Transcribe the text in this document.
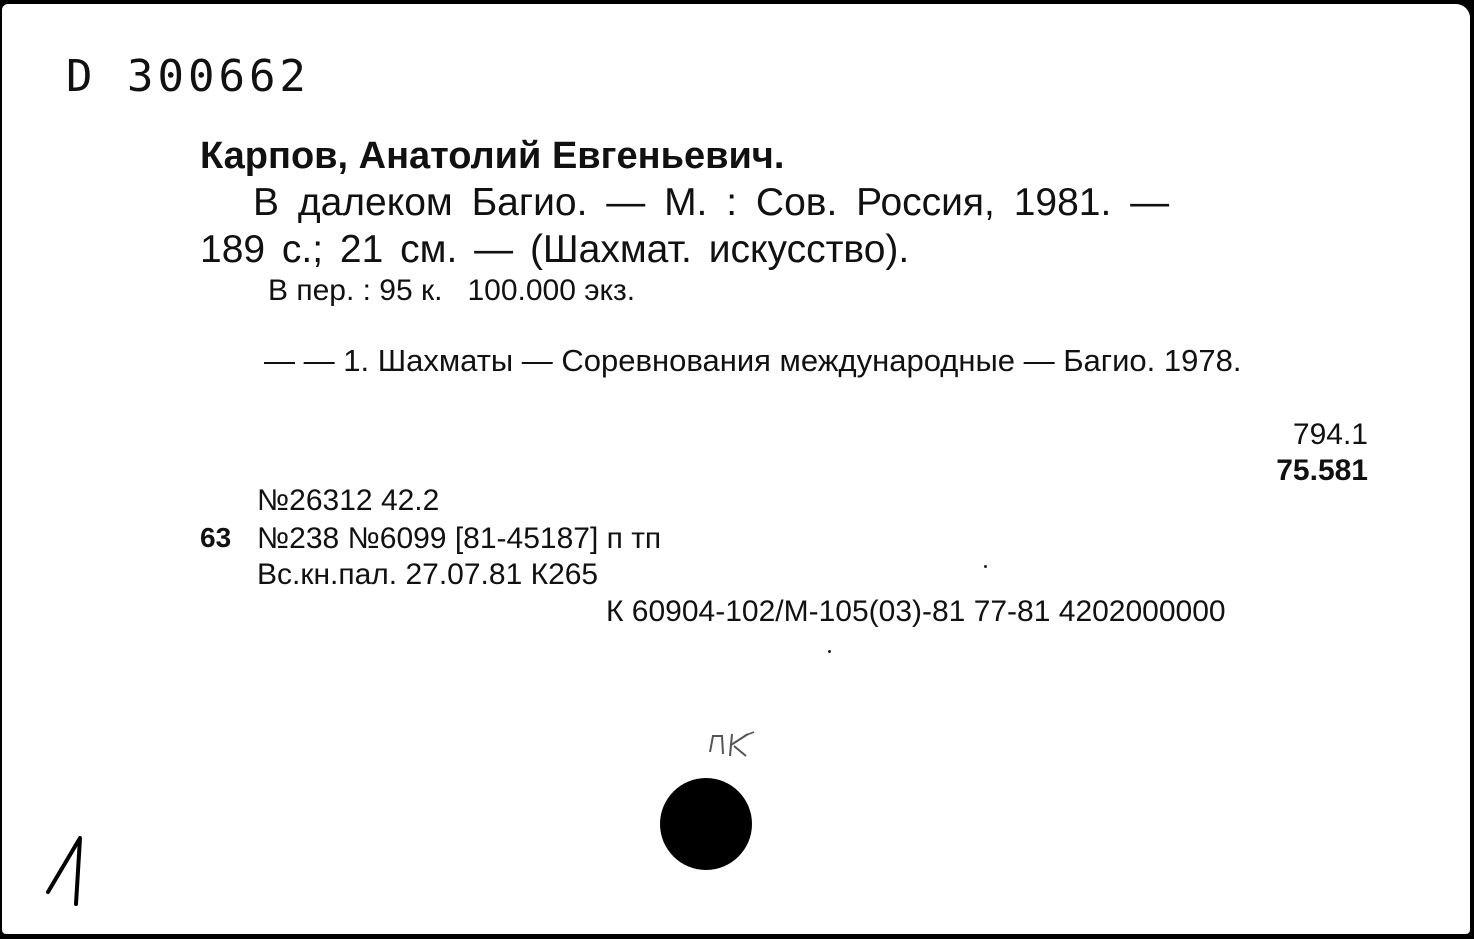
D 300662
Карпов, Анатолий Евгеньевич.
В далеком Багио. — М. : Сов. Россия, 1981. —
189 с.; 21 см. — (Шахмат. искусство).
В пер. : 95 к.   100.000 экз.
— — 1. Шахматы — Соревнования международные — Багио. 1978.
794.1
75.581
№26312 42.2
63 №238 №6099 [81-45187] п тп
Вс.кн.пал. 27.07.81 К265
К 60904-102/М-105(03)-81 77-81 4202000000
